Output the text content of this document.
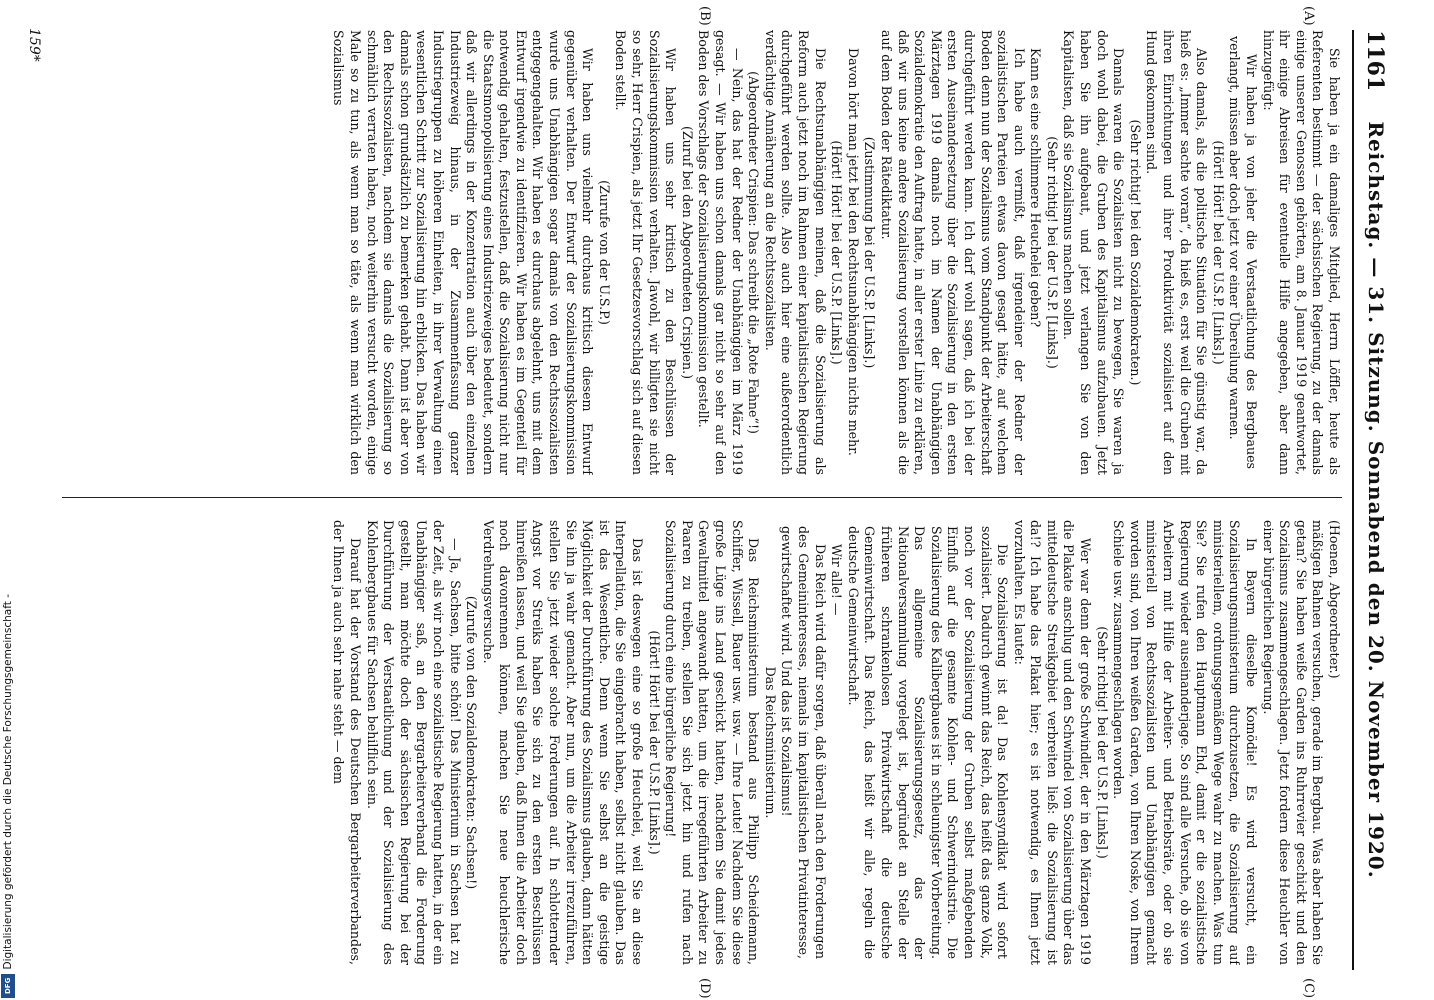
1161
Reichstag. — 31. Sitzung. Sonnabend den 20. November 1920.
(A)
(B)
(C)
(D)

Sie haben ja ein damaliges Mitglied, Herrn Löffler, heute als Referenten bestimmt — der sächsischen Regierung, zu der damals einige unserer Genossen gehörten, am 8. Januar 1919 geantwortet, ihr einige Abreisen für eventuelle Hilfe angegeben, aber dann hinzugefügt:

Wir haben ja von jeher die Verstaatlichung des Bergbaues verlangt, müssen aber doch jetzt vor einer Übereilung warnen.

(Hört! Hört! bei der U.S.P. [Links].)

Also damals, als die politische Situation für Sie günstig war, da hieß es: „Immer sachte voran“, da hieß es, erst weil die Gruben mit ihren Einrichtungen und ihrer Produktivität sozialisiert auf den Hund gekommen sind.

(Sehr richtig! bei den Sozialdemokraten.)

Damals waren die Sozialisten nicht zu bewegen, Sie waren ja doch wohl dabei, die Gruben des Kapitalismus aufzubauen. Jetzt haben Sie ihn aufgebaut, und jetzt verlangen Sie von den Kapitalisten, daß sie Sozialismus machen sollen.

(Sehr richtig! bei der U.S.P. [Links].)

Kann es eine schlimmere Heuchelei geben?

Ich habe auch vermißt, daß irgendeiner der Redner der sozialistischen Parteien etwas davon gesagt hätte, auf welchem Boden denn nun der Sozialismus vom Standpunkt der Arbeiterschaft durchgeführt werden kann. Ich darf wohl sagen, daß ich bei der ersten Auseinandersetzung über die Sozialisierung in den ersten Märztagen 1919 damals noch im Namen der Unabhängigen Sozialdemokratie den Auftrag hatte, in aller erster Linie zu erklären, daß wir uns keine andere Sozialisierung vorstellen können als die auf dem Boden der Rätediktatur.

(Zustimmung bei der U.S.P. [Links].)

Davon hört man jetzt bei den Rechtsunabhängigen nichts mehr.

(Hört! Hört! bei der U.S.P. [Links].)

Die Rechtsunabhängigen meinen, daß die Sozialisierung als Reform auch jetzt noch im Rahmen einer kapitalistischen Regierung durchgeführt werden sollte. Also auch hier eine außerordentlich verdächtige Annäherung an die Rechtssozialisten.

(Abgeordneter Crispien: Das schreibt die „Rote Fahne“!)

— Nein, das hat der Redner der Unabhängigen im März 1919 gesagt. — Wir haben uns schon damals gar nicht so sehr auf den Boden des Vorschlags der Sozialisierungskommission gestellt.

(Zuruf bei den Abgeordneten Crispien.)

Wir haben uns sehr kritisch zu den Beschlüssen der Sozialisierungskommission verhalten. Jawohl, wir billigten sie nicht so sehr, Herr Crispien, als jetzt Ihr Gesetzesvorschlag sich auf diesen Boden stellt.

(Zurufe von der U.S.P.)

Wir haben uns vielmehr durchaus kritisch diesem Entwurf gegenüber verhalten. Der Entwurf der Sozialisierungskommission wurde uns Unabhängigen sogar damals von den Rechtssozialisten entgegengehalten. Wir haben es durchaus abgelehnt, uns mit dem Entwurf irgendwie zu identifizieren. Wir haben es im Gegenteil für notwendig gehalten, festzustellen, daß die Sozialisierung nicht nur die Staatsmonopolisierung eines Industriezweiges bedeutet, sondern daß wir allerdings in der Konzentration auch über den einzelnen Industriezweig hinaus, in der Zusammenfassung ganzer Industriegruppen zu höheren Einheiten, in ihrer Verwaltung einen wesentlichen Schritt zur Sozialisierung hin erblicken. Das haben wir damals schon grundsätzlich zu bemerken gehabt. Dann ist aber von den Rechtssozialisten, nachdem sie damals die Sozialisierung so schmählich verraten haben, noch weiterhin versucht worden, einige Male so zu tun, als wenn man so täte, als wenn man wirklich den Sozialismus

(Hoenen, Abgeordneter.)

mäßigen Bahnen versuchen, gerade im Bergbau. Was aber haben Sie getan? Sie haben weiße Garden ins Ruhrrevier geschickt und den Sozialismus zusammengeschlagen. Jetzt fordern diese Heuchler von einer bürgerlichen Regierung.

In Bayern dieselbe Komödie! Es wird versucht, ein Sozialisierungsministerium durchzusetzen, die Sozialisierung auf ministeriellem, ordnungsgemäßem Wege wahr zu machen. Was tun Sie? Sie rufen den Hauptmann Ehd, damit er die sozialistische Regierung wieder auseinanderjage. So sind alle Versuche, ob sie von Arbeitern mit Hilfe der Arbeiter- und Betriebsräte, oder ob sie ministeriell von Rechtssozialisten und Unabhängigen gemacht worden sind, von Ihren weißen Garden, von Ihren Noske, von Ihrem Schiele usw. zusammengeschlagen worden.

(Sehr richtig! bei der U.S.P. [Links].)

Wer war denn der große Schwindler, der in den Märztagen 1919 die Plakate anschlug und den Schwindel von Sozialisierung über das mitteldeutsche Streikgebiet verbreiten ließ: die Sozialisierung ist da!? Ich habe das Plakat hier; es ist notwendig, es Ihnen jetzt vorzuhalten. Es lautet:

Die Sozialisierung ist da! Das Kohlensyndikat wird sofort sozialisiert. Dadurch gewinnt das Reich, das heißt das ganze Volk, noch vor der Sozialisierung der Gruben selbst maßgebenden Einfluß auf die gesamte Kohlen- und Schwerindustrie. Die Sozialisierung des Kalibergbaues ist in schleunigster Vorbereitung. Das allgemeine Sozialisierungsgesetz, das der Nationalversammlung vorgelegt ist, begründet an Stelle der früheren schrankenlosen Privatwirtschaft die deutsche Gemeinwirtschaft. Das Reich, das heißt wir alle, regeln die deutsche Gemeinwirtschaft.

Wir alle! —

Das Reich wird dafür sorgen, daß überall nach den Forderungen des Gemeininteresses, niemals im kapitalistischen Privatinteresse, gewirtschaftet wird. Und das ist Sozialismus!

Das Reichsministerium.

Das Reichsministerium bestand aus Philipp Scheidemann, Schiffer, Wissell, Bauer usw. usw. — Ihre Leute! Nachdem Sie diese große Lüge ins Land geschickt hatten, nachdem Sie damit jedes Gewaltmittel angewandt hatten, um die irregeführten Arbeiter zu Paaren zu treiben, stellen Sie sich jetzt hin und rufen nach Sozialisierung durch eine bürgerliche Regierung!

(Hört! Hört! bei der U.S.P. [Links].)

Das ist deswegen eine so große Heuchelei, weil Sie an diese Interpellation, die Sie eingebracht haben, selbst nicht glauben. Das ist das Wesentliche. Denn wenn Sie selbst an die geistige Möglichkeit der Durchführung des Sozialismus glauben, dann hätten Sie ihn ja wahr gemacht. Aber nun, um die Arbeiter irrezuführen, stellen Sie jetzt wieder solche Forderungen auf. In schlotternder Angst vor Streiks haben Sie sich zu den ersten Beschlüssen hinreißen lassen, und weil Sie glauben, daß Ihnen die Arbeiter doch noch davonrennen können, machen Sie neue heuchlerische Verdrehungsversuche.

(Zurufe von den Sozialdemokraten: Sachsen!)

— Ja, Sachsen, bitte schön! Das Ministerium in Sachsen hat zu der Zeit, als wir noch eine sozialistische Regierung hatten, in der ein Unabhängiger saß, an den Bergarbeiterverband die Forderung gestellt, man möchte doch der sächsischen Regierung bei der Durchführung der Verstaatlichung und der Sozialisierung des Kohlenbergbaues für Sachsen behilflich sein.

Darauf hat der Vorstand des Deutschen Bergarbeiterverbandes, der Ihnen ja auch sehr nahe steht — dem

159*
Digitalisierung gefördert durch die Deutsche Forschungsgemeinschaft -
DFG
